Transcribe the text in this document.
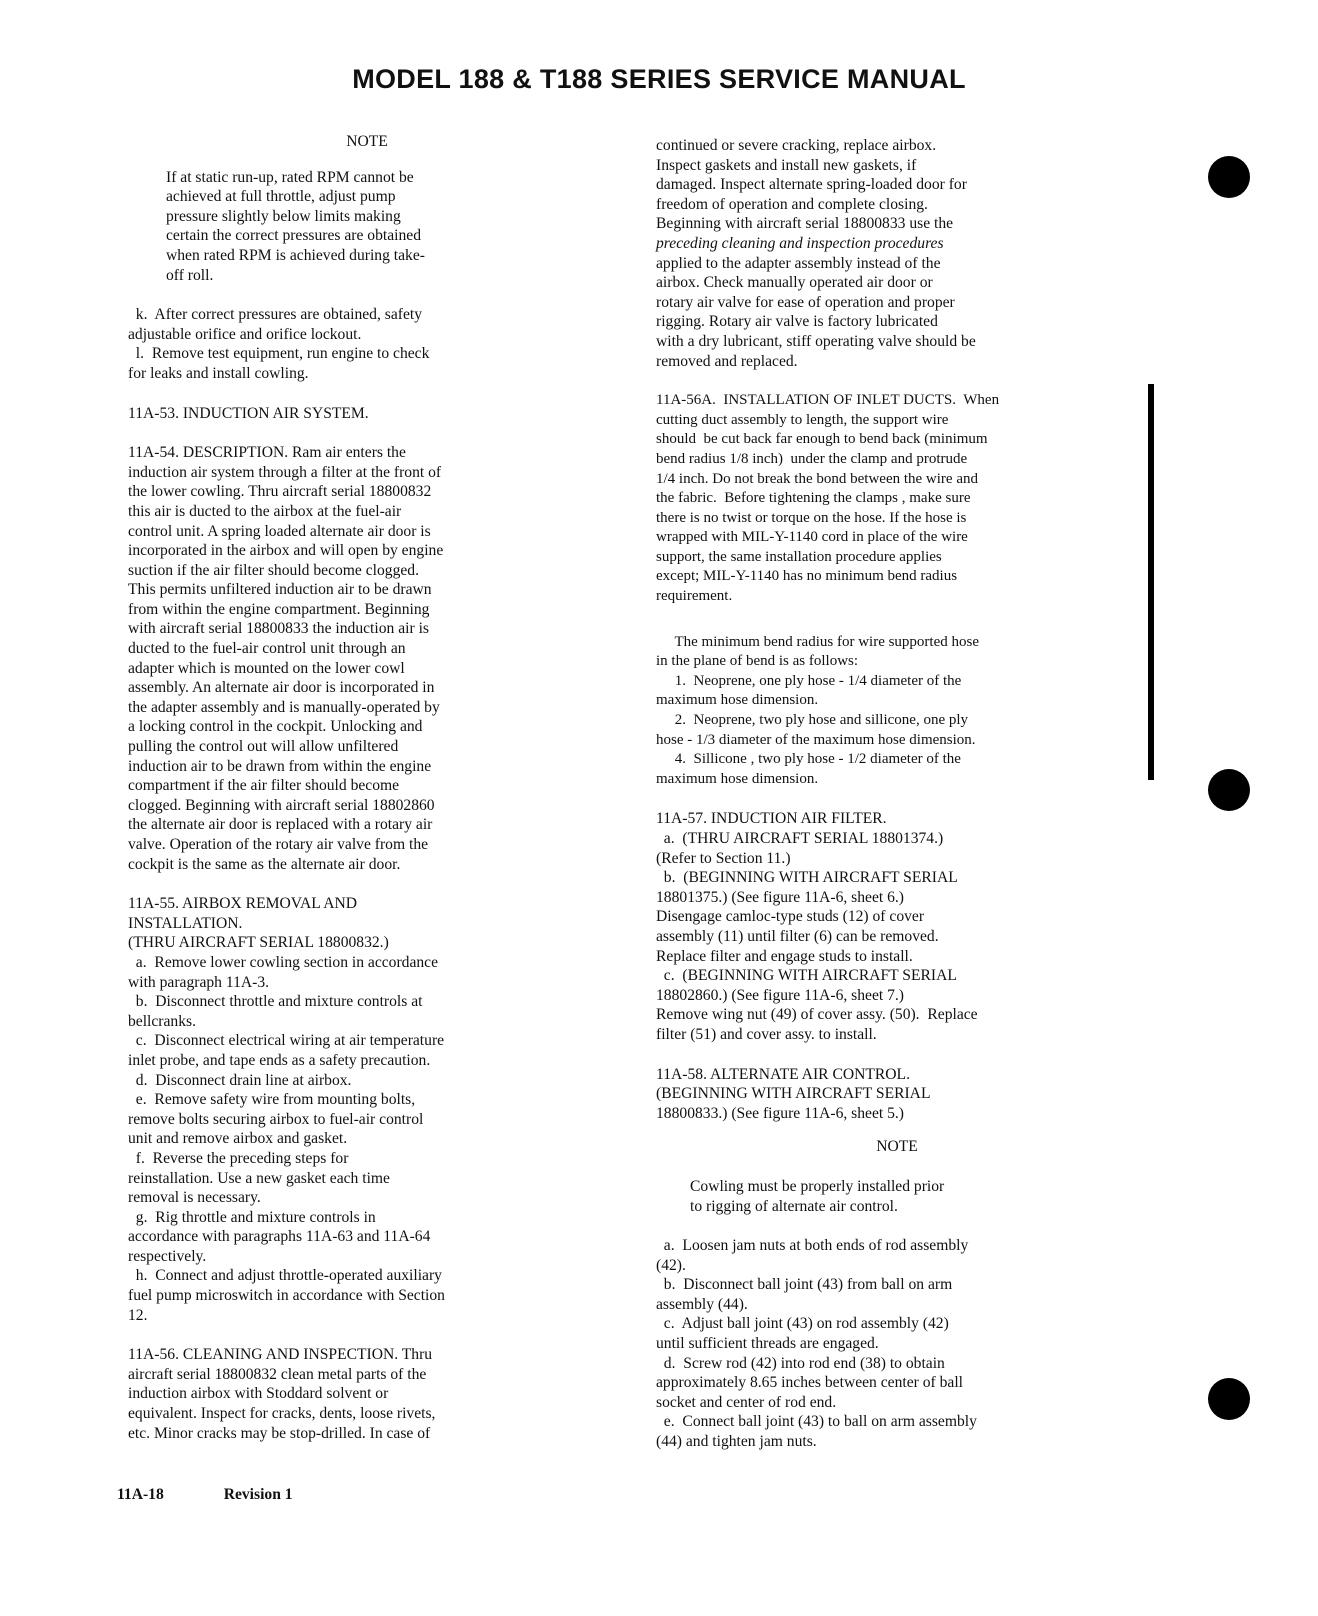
MODEL 188 & T188 SERIES SERVICE MANUAL
NOTE
If at static run-up, rated RPM cannot be
achieved at full throttle, adjust pump
pressure slightly below limits making
certain the correct pressures are obtained
when rated RPM is achieved during take-
off roll.
k.  After correct pressures are obtained, safety
adjustable orifice and orifice lockout.
l.  Remove test equipment, run engine to check
for leaks and install cowling.
11A-53. INDUCTION AIR SYSTEM.
11A-54. DESCRIPTION. Ram air enters the
induction air system through a filter at the front of
the lower cowling. Thru aircraft serial 18800832
this air is ducted to the airbox at the fuel-air
control unit. A spring loaded alternate air door is
incorporated in the airbox and will open by engine
suction if the air filter should become clogged.
This permits unfiltered induction air to be drawn
from within the engine compartment. Beginning
with aircraft serial 18800833 the induction air is
ducted to the fuel-air control unit through an
adapter which is mounted on the lower cowl
assembly. An alternate air door is incorporated in
the adapter assembly and is manually-operated by
a locking control in the cockpit. Unlocking and
pulling the control out will allow unfiltered
induction air to be drawn from within the engine
compartment if the air filter should become
clogged. Beginning with aircraft serial 18802860
the alternate air door is replaced with a rotary air
valve. Operation of the rotary air valve from the
cockpit is the same as the alternate air door.
11A-55. AIRBOX REMOVAL AND
INSTALLATION.
(THRU AIRCRAFT SERIAL 18800832.)
a.  Remove lower cowling section in accordance
with paragraph 11A-3.
b.  Disconnect throttle and mixture controls at
bellcranks.
c.  Disconnect electrical wiring at air temperature
inlet probe, and tape ends as a safety precaution.
d.  Disconnect drain line at airbox.
e.  Remove safety wire from mounting bolts,
remove bolts securing airbox to fuel-air control
unit and remove airbox and gasket.
f.  Reverse the preceding steps for
reinstallation. Use a new gasket each time
removal is necessary.
g.  Rig throttle and mixture controls in
accordance with paragraphs 11A-63 and 11A-64
respectively.
h.  Connect and adjust throttle-operated auxiliary
fuel pump microswitch in accordance with Section
12.
11A-56. CLEANING AND INSPECTION. Thru
aircraft serial 18800832 clean metal parts of the
induction airbox with Stoddard solvent or
equivalent. Inspect for cracks, dents, loose rivets,
etc. Minor cracks may be stop-drilled. In case of
continued or severe cracking, replace airbox.
Inspect gaskets and install new gaskets, if
damaged. Inspect alternate spring-loaded door for
freedom of operation and complete closing.
Beginning with aircraft serial 18800833 use the
preceding cleaning and inspection procedures
applied to the adapter assembly instead of the
airbox. Check manually operated air door or
rotary air valve for ease of operation and proper
rigging. Rotary air valve is factory lubricated
with a dry lubricant, stiff operating valve should be
removed and replaced.
11A-56A.  INSTALLATION OF INLET DUCTS.  When
cutting duct assembly to length, the support wire
should  be cut back far enough to bend back (minimum
bend radius 1/8 inch)  under the clamp and protrude
1/4 inch. Do not break the bond between the wire and
the fabric.  Before tightening the clamps , make sure
there is no twist or torque on the hose. If the hose is
wrapped with MIL-Y-1140 cord in place of the wire
support, the same installation procedure applies
except; MIL-Y-1140 has no minimum bend radius
requirement.
The minimum bend radius for wire supported hose
in the plane of bend is as follows:
1.  Neoprene, one ply hose - 1/4 diameter of the
maximum hose dimension.
2.  Neoprene, two ply hose and sillicone, one ply
hose - 1/3 diameter of the maximum hose dimension.
4.  Sillicone , two ply hose - 1/2 diameter of the
maximum hose dimension.
11A-57. INDUCTION AIR FILTER.
a.  (THRU AIRCRAFT SERIAL 18801374.)
(Refer to Section 11.)
b.  (BEGINNING WITH AIRCRAFT SERIAL
18801375.) (See figure 11A-6, sheet 6.)
Disengage camloc-type studs (12) of cover
assembly (11) until filter (6) can be removed.
Replace filter and engage studs to install.
c.  (BEGINNING WITH AIRCRAFT SERIAL
18802860.) (See figure 11A-6, sheet 7.)
Remove wing nut (49) of cover assy. (50).  Replace
filter (51) and cover assy. to install.
11A-58. ALTERNATE AIR CONTROL.
(BEGINNING WITH AIRCRAFT SERIAL
18800833.) (See figure 11A-6, sheet 5.)
NOTE
Cowling must be properly installed prior
to rigging of alternate air control.
a.  Loosen jam nuts at both ends of rod assembly
(42).
b.  Disconnect ball joint (43) from ball on arm
assembly (44).
c.  Adjust ball joint (43) on rod assembly (42)
until sufficient threads are engaged.
d.  Screw rod (42) into rod end (38) to obtain
approximately 8.65 inches between center of ball
socket and center of rod end.
e.  Connect ball joint (43) to ball on arm assembly
(44) and tighten jam nuts.
11A-18	Revision 1
